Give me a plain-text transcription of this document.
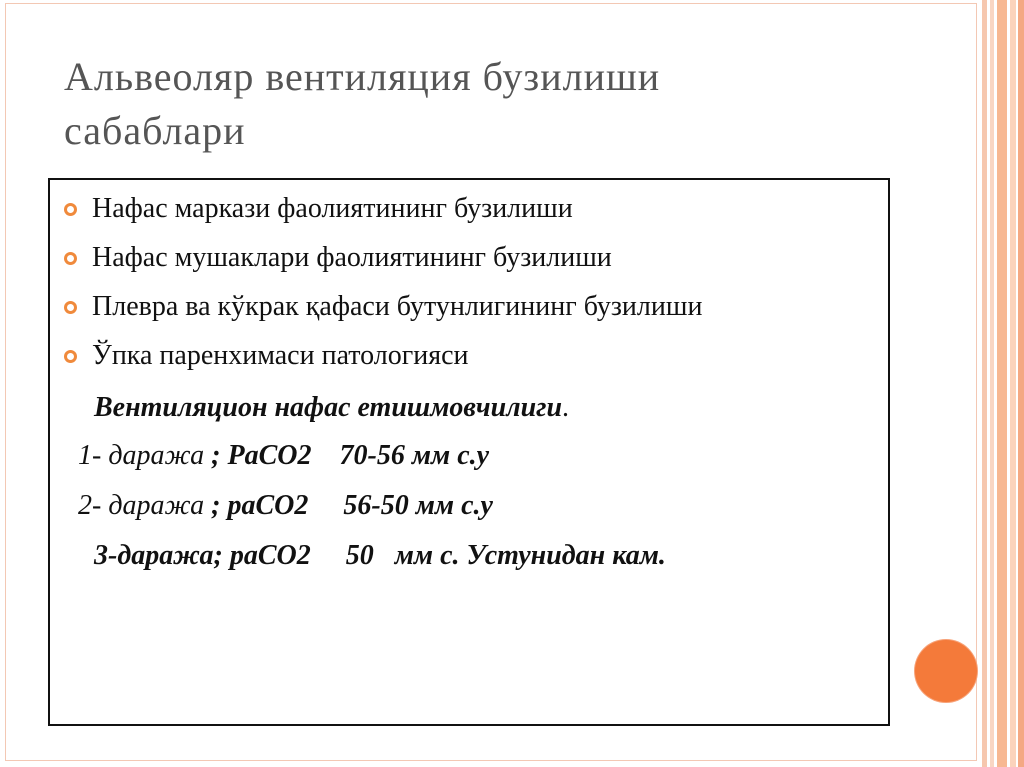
Альвеоляр вентиляция бузилиши
сабаблари
Нафас маркази фаолиятининг бузилиши
Нафас мушаклари фаолиятининг бузилиши
Плевра ва кўкрак қафаси бутунлигининг бузилиши
Ўпка паренхимаси патологияси
Вентиляцион нафас етишмовчилиги.
1- даража ; PaCO2 70-56 мм с.у
2- даража ; paCO2 56-50 мм с.у
3-даража; paCO2 50   мм с. Устунидан кам.
